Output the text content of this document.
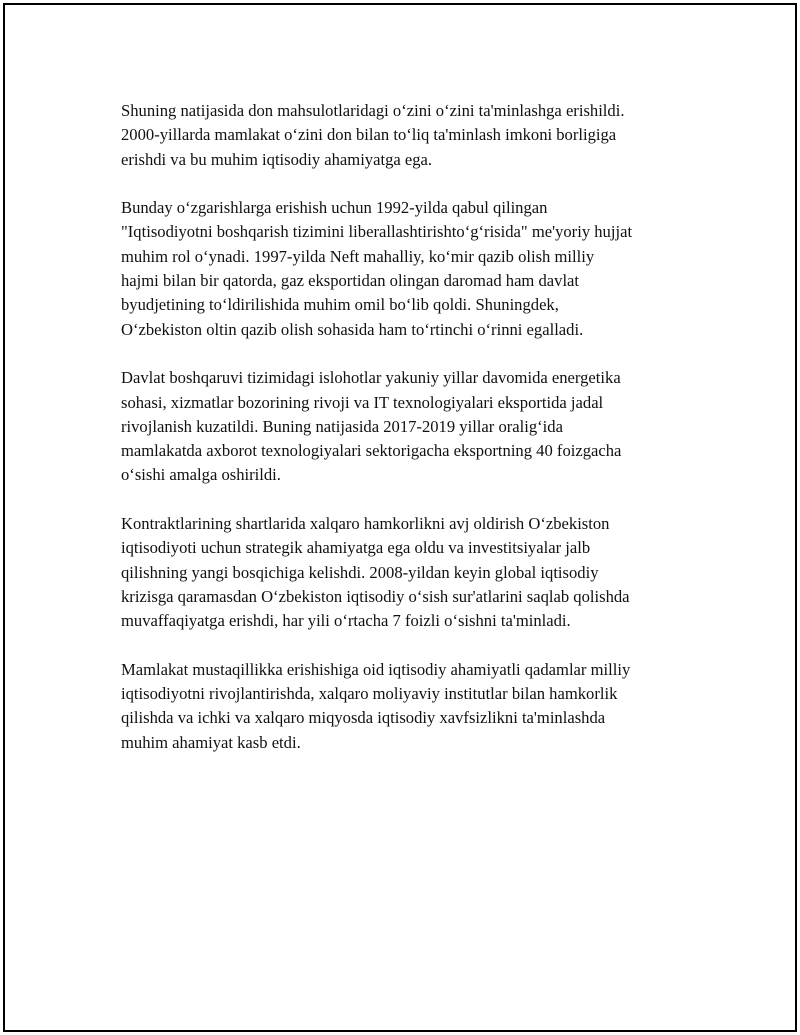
Shuning natijasida don mahsulotlaridagi oʻzini oʻzini ta'minlashga erishildi.
2000-yillarda mamlakat oʻzini don bilan toʻliq ta'minlash imkoni borligiga
erishdi va bu muhim iqtisodiy ahamiyatga ega.

Bunday oʻzgarishlarga erishish uchun 1992-yilda qabul qilingan
"Iqtisodiyotni boshqarish tizimini liberallashtirishtoʻgʻrisida" me'yoriy hujjat
muhim rol oʻynadi. 1997-yilda Neft mahalliy, koʻmir qazib olish milliy
hajmi bilan bir qatorda, gaz eksportidan olingan daromad ham davlat
byudjetining toʻldirilishida muhim omil boʻlib qoldi. Shuningdek,
Oʻzbekiston oltin qazib olish sohasida ham toʻrtinchi oʻrinni egalladi.

Davlat boshqaruvi tizimidagi islohotlar yakuniy yillar davomida energetika
sohasi, xizmatlar bozorining rivoji va IT texnologiyalari eksportida jadal
rivojlanish kuzatildi. Buning natijasida 2017-2019 yillar oraligʻida
mamlakatda axborot texnologiyalari sektorigacha eksportning 40 foizgacha
oʻsishi amalga oshirildi.

Kontraktlarining shartlarida xalqaro hamkorlikni avj oldirish Oʻzbekiston
iqtisodiyoti uchun strategik ahamiyatga ega oldu va investitsiyalar jalb
qilishning yangi bosqichiga kelishdi. 2008-yildan keyin global iqtisodiy
krizisga qaramasdan Oʻzbekiston iqtisodiy oʻsish sur'atlarini saqlab qolishda
muvaffaqiyatga erishdi, har yili oʻrtacha 7 foizli oʻsishni ta'minladi.

Mamlakat mustaqillikka erishishiga oid iqtisodiy ahamiyatli qadamlar milliy
iqtisodiyotni rivojlantirishda, xalqaro moliyaviy institutlar bilan hamkorlik
qilishda va ichki va xalqaro miqyosda iqtisodiy xavfsizlikni ta'minlashda
muhim ahamiyat kasb etdi.
